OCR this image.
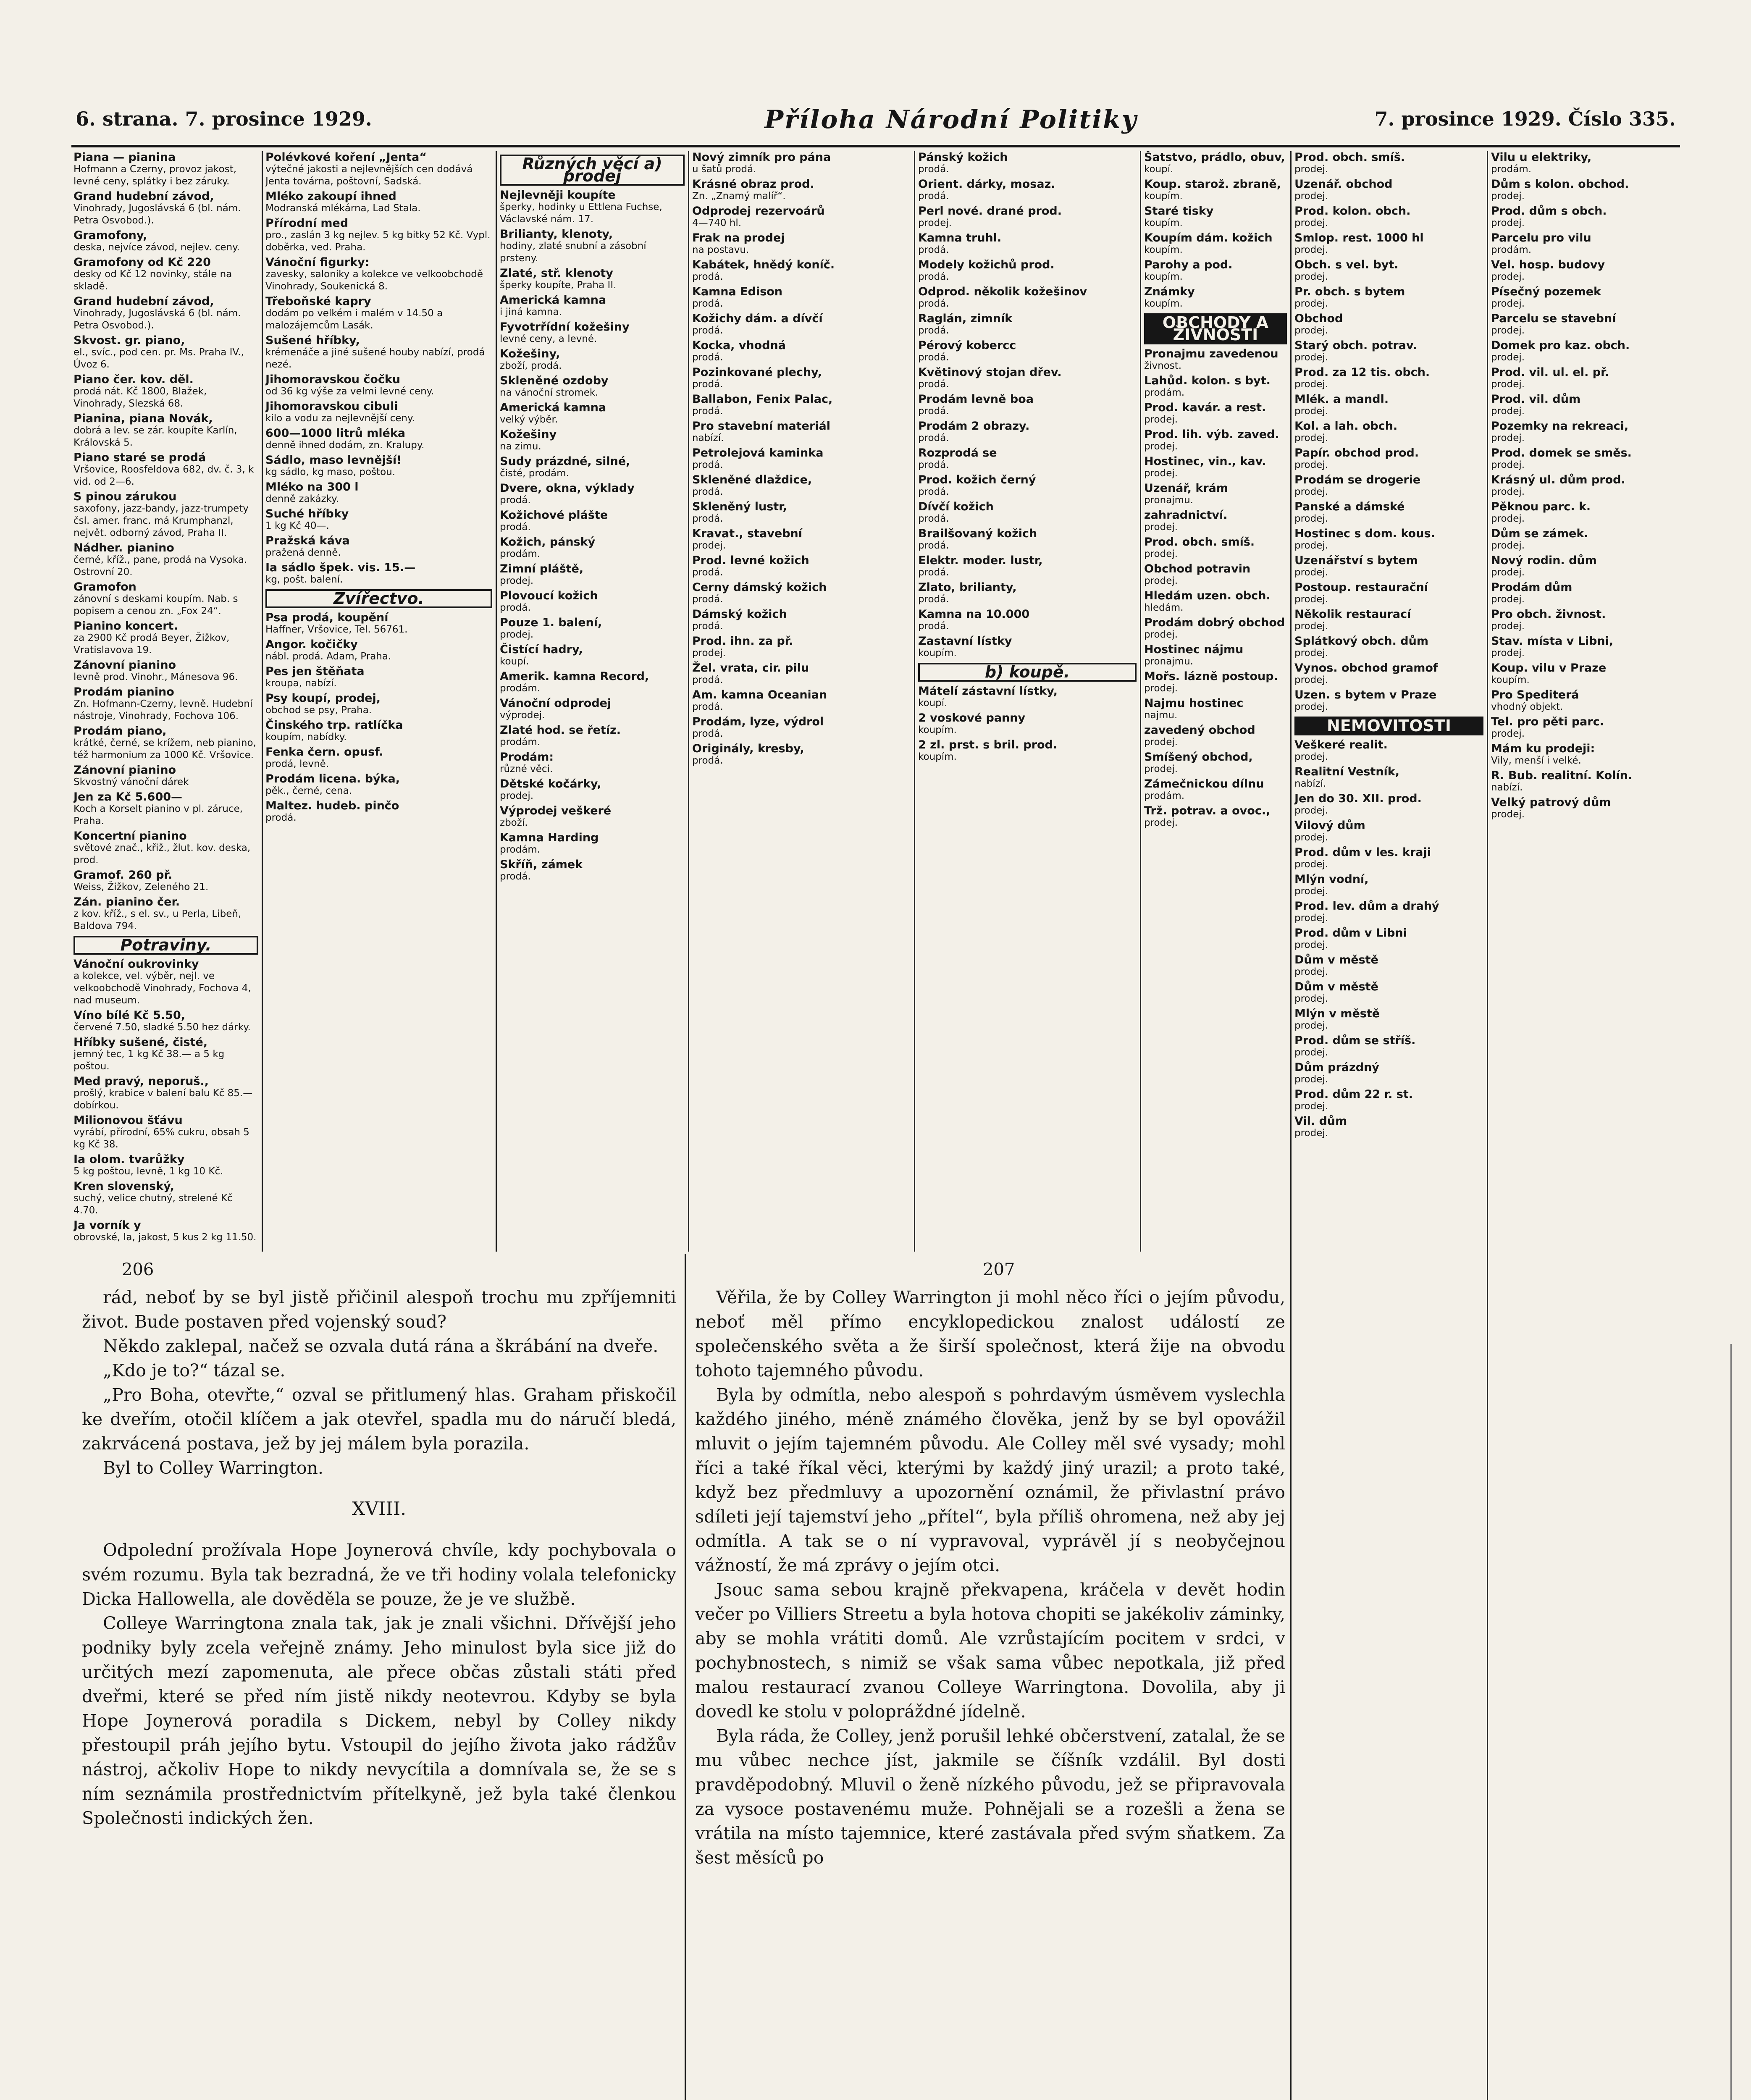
6. strana. 7. prosince 1929.	Příloha Národní Politiky	7. prosince 1929. Číslo 335.
Piana — pianina
Hofmann a Czerny, provoz jakost, levné ceny, splátky i bez záruky.
Grand hudební závod,
Vinohrady, Jugoslávská 6 (bl. nám. Petra Osvobod.).
Gramofony,
deska, nejvíce závod, nejlev. ceny.
Gramofony od Kč 220
desky od Kč 12 novinky, stále na skladě.
Grand hudební závod,
Vinohrady, Jugoslávská 6 (bl. nám. Petra Osvobod.).
Skvost. gr. piano,
el., svíc., pod cen. pr. Ms. Praha IV., Úvoz 6.
Piano čer. kov. děl.
prodá nát. Kč 1800, Blažek, Vinohrady, Slezská 68.
Pianina, piana Novák,
dobrá a lev. se zár. koupíte Karlín, Královská 5.
Piano staré se prodá
Vršovice, Roosfeldova 682, dv. č. 3, k vid. od 2—6.
S pinou zárukou
saxofony, jazz-bandy, jazz-trumpety čsl. amer. franc. má Krumphanzl, největ. odborný závod, Praha II.
Nádher. pianino
černé, kříž., pane, prodá na Vysoka. Ostrovní 20.
Gramofon
zánovní s deskami koupím. Nab. s popisem a cenou zn. „Fox 24“.
Pianino koncert.
za 2900 Kč prodá Beyer, Žižkov, Vratislavova 19.
Zánovní pianino
levně prod. Vinohr., Mánesova 96.
Prodám pianino
Zn. Hofmann-Czerny, levně. Hudební nástroje, Vinohrady, Fochova 106.
Prodám piano,
krátké, černé, se krížem, neb pianino, též harmonium za 1000 Kč. Vršovice.
Zánovní pianino
Skvostný vánoční dárek
Jen za Kč 5.600—
Koch a Korselt pianino v pl. záruce, Praha.
Koncertní pianino
světové znač., křiž., žlut. kov. deska, prod.
Gramof. 260 př.
Weiss, Žižkov, Zeleného 21.
Zán. pianino čer.
z kov. kříž., s el. sv., u Perla, Libeň, Baldova 794.
Potraviny.
Vánoční oukrovinky
a kolekce, vel. výběr, nejl. ve velkoobchodě Vinohrady, Fochova 4, nad museum.
Víno bílé Kč 5.50,
červené 7.50, sladké 5.50 hez dárky.
Hříbky sušené, čisté,
jemný tec, 1 kg Kč 38.— a 5 kg poštou.
Med pravý, neporuš.,
prošlý, krabice v balení balu Kč 85.— dobírkou.
Milionovou šťávu
vyrábí, přírodní, 65% cukru, obsah 5 kg Kč 38.
Ia olom. tvarůžky
5 kg poštou, levně, 1 kg 10 Kč.
Kren slovenský,
suchý, velice chutný, strelené Kč 4.70.
Ja vorník y
obrovské, Ia, jakost, 5 kus 2 kg 11.50.
Polévkové koření „Jenta“
výtečné jakosti a nejlevnějších cen dodává Jenta továrna, poštovní, Sadská.
Mléko zakoupí ihned
Modranská mlékárna, Lad Stala.
Přírodní med
pro., zaslán 3 kg nejlev. 5 kg bitky 52 Kč. Vypl. doběrka, ved. Praha.
Vánoční figurky:
zavesky, saloniky a kolekce ve velkoobchodě Vinohrady, Soukenická 8.
Třeboňské kapry
dodám po velkém i malém v 14.50 a malozájemcům Lasák.
Sušené hříbky,
krémenáče a jiné sušené houby nabízí, prodá nezé.
Jihomoravskou čočku
od 36 kg výše za velmi levné ceny.
Jihomoravskou cibuli
kilo a vodu za nejlevnější ceny.
600—1000 litrů mléka
denně ihned dodám, zn. Kralupy.
Sádlo, maso levnější!
kg sádlo, kg maso, poštou.
Mléko na 300 l
denně zakázky.
Suché hříbky
1 kg Kč 40—.
Pražská káva
pražená denně.
Ia sádlo špek. vis. 15.—
kg, pošt. balení.
Zvířectvo.
Psa prodá, koupění
Haffner, Vršovice, Tel. 56761.
Angor. kočičky
nábl. prodá. Adam, Praha.
Pes jen štěňata
kroupa, nabízí.
Psy koupí, prodej,
obchod se psy, Praha.
Činského trp. ratlíčka
koupím, nabídky.
Fenka čern. opusf.
prodá, levně.
Prodám licena. býka,
pěk., černé, cena.
Maltez. hudeb. pinčo
prodá.
Různých věcí a) prodej
Nejlevněji koupíte
šperky, hodinky u Ettlena Fuchse, Václavské nám. 17.
Brilianty, klenoty,
hodiny, zlaté snubní a zásobní prsteny.
Zlaté, stř. klenoty
šperky koupíte, Praha II.
Americká kamna
i jiná kamna.
Fyvotrřídní kožešiny
levné ceny, a levné.
Kožešiny,
zboží, prodá.
Skleněné ozdoby
na vánoční stromek.
Americká kamna
velký výběr.
Kožešiny
na zimu.
Sudy prázdné, silné,
čisté, prodám.
Dvere, okna, výklady
prodá.
Kožichové plášte
prodá.
Kožich, pánský
prodám.
Zimní pláště,
prodej.
Plovoucí kožich
prodá.
Pouze 1. balení,
prodej.
Čistící hadry,
koupí.
Amerik. kamna Record,
prodám.
Vánoční odprodej
výprodej.
Zlaté hod. se řetíz.
prodám.
Prodám:
různé věci.
Dětské kočárky,
prodej.
Výprodej veškeré
zboží.
Kamna Harding
prodám.
Skříň, zámek
prodá.
Nový zimník pro pána
u šatů prodá.
Krásné obraz prod.
Zn. „Znamý malíř“.
Odprodej rezervoárů
4—740 hl.
Frak na prodej
na postavu.
Kabátek, hnědý koníč.
prodá.
Kamna Edison
prodá.
Kožichy dám. a dívčí
prodá.
Kocka, vhodná
prodá.
Pozinkované plechy,
prodá.
Ballabon, Fenix Palac,
prodá.
Pro stavební materiál
nabízí.
Petrolejová kaminka
prodá.
Skleněné dlaždice,
prodá.
Skleněný lustr,
prodá.
Kravat., stavební
prodej.
Prod. levné kožich
prodá.
Cerny dámský kožich
prodá.
Dámský kožich
prodá.
Prod. ihn. za př.
prodej.
Žel. vrata, cir. pilu
prodá.
Am. kamna Oceanian
prodá.
Prodám, lyze, výdrol
prodá.
Originály, kresby,
prodá.
Pánský kožich
prodá.
Orient. dárky, mosaz.
prodá.
Perl nové. drané prod.
prodej.
Kamna truhl.
prodá.
Modely kožichů prod.
prodá.
Odprod. několik kožešinov
prodá.
Raglán, zimník
prodá.
Pérový kobercc
prodá.
Květinový stojan dřev.
prodá.
Prodám levně boa
prodá.
Prodám 2 obrazy.
prodá.
Rozprodá se
prodá.
Prod. kožich černý
prodá.
Dívčí kožich
prodá.
Brailšovaný kožich
prodá.
Elektr. moder. lustr,
prodá.
Zlato, brilianty,
prodá.
Kamna na 10.000
prodá.
Zastavní lístky
koupím.
b) koupě.
Mátelí zástavní lístky,
koupí.
2 voskové panny
koupím.
2 zl. prst. s bril. prod.
koupím.
Šatstvo, prádlo, obuv,
koupí.
Koup. starož. zbraně,
koupím.
Staré tisky
koupím.
Koupím dám. kožich
koupím.
Parohy a pod.
koupím.
Známky
koupím.
OBCHODY A ŽIVNOSTI
Pronajmu zavedenou
živnost.
Lahůd. kolon. s byt.
prodám.
Prod. kavár. a rest.
prodej.
Prod. lih. výb. zaved.
prodej.
Hostinec, vin., kav.
prodej.
Uzenář, krám
pronajmu.
zahradnictví.
prodej.
Prod. obch. smíš.
prodej.
Obchod potravin
prodej.
Hledám uzen. obch.
hledám.
Prodám dobrý obchod
prodej.
Hostinec nájmu
pronajmu.
Mořs. lázně postoup.
prodej.
Najmu hostinec
najmu.
zavedený obchod
prodej.
Smíšený obchod,
prodej.
Zámečnickou dílnu
prodám.
Trž. potrav. a ovoc.,
prodej.
Prod. obch. smíš.
prodej.
Uzenář. obchod
prodej.
Prod. kolon. obch.
prodej.
Smlop. rest. 1000 hl
prodej.
Obch. s vel. byt.
prodej.
Pr. obch. s bytem
prodej.
Obchod
prodej.
Starý obch. potrav.
prodej.
Prod. za 12 tis. obch.
prodej.
Mlék. a mandl.
prodej.
Kol. a lah. obch.
prodej.
Papír. obchod prod.
prodej.
Prodám se drogerie
prodej.
Panské a dámské
prodej.
Hostinec s dom. kous.
prodej.
Uzenářství s bytem
prodej.
Postoup. restaurační
prodej.
Několik restaurací
prodej.
Splátkový obch. dům
prodej.
Vynos. obchod gramof
prodej.
Uzen. s bytem v Praze
prodej.
NEMOVITOSTI
Veškeré realit.
prodej.
Realitní Vestník,
nabízí.
Jen do 30. XII. prod.
prodej.
Vilový dům
prodej.
Prod. dům v les. kraji
prodej.
Mlýn vodní,
prodej.
Prod. lev. dům a drahý
prodej.
Prod. dům v Libni
prodej.
Dům v městě
prodej.
Dům v městě
prodej.
Mlýn v městě
prodej.
Prod. dům se stříš.
prodej.
Dům prázdný
prodej.
Prod. dům 22 r. st.
prodej.
Vil. dům
prodej.
Vilu u elektriky,
prodám.
Dům s kolon. obchod.
prodej.
Prod. dům s obch.
prodej.
Parcelu pro vilu
prodám.
Vel. hosp. budovy
prodej.
Písečný pozemek
prodej.
Parcelu se stavební
prodej.
Domek pro kaz. obch.
prodej.
Prod. vil. ul. el. př.
prodej.
Prod. vil. dům
prodej.
Pozemky na rekreaci,
prodej.
Prod. domek se směs.
prodej.
Krásný ul. dům prod.
prodej.
Pěknou parc. k.
prodej.
Dům se zámek.
prodej.
Nový rodin. dům
prodej.
Prodám dům
prodej.
Pro obch. živnost.
prodej.
Stav. místa v Libni,
prodej.
Koup. vilu v Praze
koupím.
Pro Spediterá
vhodný objekt.
Tel. pro pěti parc.
prodej.
Mám ku prodeji:
Vily, menší i velké.
R. Bub. realitní. Kolín.
nabízí.
Velký patrový dům
prodej.
206	207

rád, neboť by se byl jistě přičinil alespoň trochu mu zpříjemniti život. Bude postaven před vojenský soud?

Někdo zaklepal, načež se ozvala dutá rána a škrábání na dveře.

„Kdo je to?“ tázal se.

„Pro Boha, otevřte,“ ozval se přitlumený hlas. Graham přiskočil ke dveřím, otočil klíčem a jak otevřel, spadla mu do náručí bledá, zakrvácená postava, jež by jej málem byla porazila.

Byl to Colley Warrington.

XVIII.

Odpolední prožívala Hope Joynerová chvíle, kdy pochybovala o svém rozumu. Byla tak bezradná, že ve tři hodiny volala telefonicky Dicka Hallowella, ale dověděla se pouze, že je ve službě.

Colleye Warringtona znala tak, jak je znali všichni. Dřívější jeho podniky byly zcela veřejně známy. Jeho minulost byla sice již do určitých mezí zapomenuta, ale přece občas zůstali státi před dveřmi, které se před ním jistě nikdy neotevrou. Kdyby se byla Hope Joynerová poradila s Dickem, nebyl by Colley nikdy přestoupil práh jejího bytu. Vstoupil do jejího života jako rádžův nástroj, ačkoliv Hope to nikdy nevycítila a domnívala se, že se s ním seznámila prostřednictvím přítelkyně, jež byla také členkou Společnosti indických žen.

Věřila, že by Colley Warrington ji mohl něco říci o jejím původu, neboť měl přímo encyklopedickou znalost událostí ze společenského světa a že širší společnost, která žije na obvodu tohoto tajemného původu.

Byla by odmítla, nebo alespoň s pohrdavým úsměvem vyslechla každého jiného, méně známého člověka, jenž by se byl opovážil mluvit o jejím tajemném původu. Ale Colley měl své vysady; mohl říci a také říkal věci, kterými by každý jiný urazil; a proto také, když bez předmluvy a upozornění oznámil, že přivlastní právo sdíleti její tajemství jeho „přítel“, byla příliš ohromena, než aby jej odmítla. A tak se o ní vypravoval, vyprávěl jí s neobyčejnou vážností, že má zprávy o jejím otci.

Jsouc sama sebou krajně překvapena, kráčela v devět hodin večer po Villiers Streetu a byla hotova chopiti se jakékoliv záminky, aby se mohla vrátiti domů. Ale vzrůstajícím pocitem v srdci, v pochybnostech, s nimiž se však sama vůbec nepotkala, již před malou restaurací zvanou Colleye Warringtona. Dovolila, aby ji dovedl ke stolu v polopráždné jídelně.

Byla ráda, že Colley, jenž porušil lehké občerstvení, zatalal, že se mu vůbec nechce jíst, jakmile se číšník vzdálil. Byl dosti pravděpodobný. Mluvil o ženě nízkého původu, jež se připravovala za vysoce postavenému muže. Pohnějali se a rozešli a žena se vrátila na místo tajemnice, které zastávala před svým sňatkem. Za šest měsíců po
